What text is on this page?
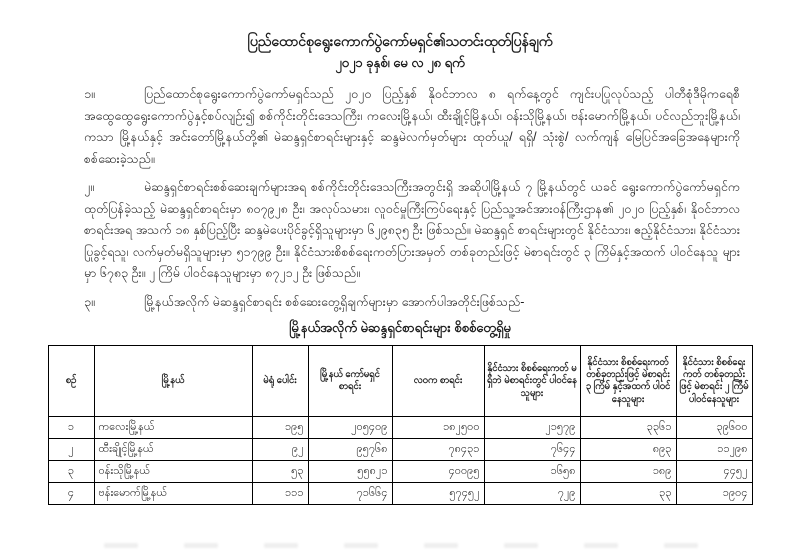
ပြည်ထောင်စုရွေးကောက်ပွဲကော်မရှင်၏သတင်းထုတ်ပြန်ချက်
၂၀၂၁ ခုနှစ်၊ မေ လ ၂၈ ရက်

၁။	ပြည်ထောင်စုရွေးကောက်ပွဲကော်မရှင်သည် ၂၀၂၀ ပြည့်နှစ် နိုဝင်ဘာလ ၈ ရက်နေ့တွင် ကျင်းပပြုလုပ်သည့် ပါတီစုံဒီမိုကရေစီအထွေထွေရွေးကောက်ပွဲနှင့်စပ်လျဉ်း၍ စစ်ကိုင်းတိုင်းဒေသကြီး၊ ကလေးမြို့နယ်၊ ထီးချိုင့်မြို့နယ်၊ ဝန်းသိုမြို့နယ်၊ ဗန်းမောက်မြို့နယ်၊ ပင်လည်ဘူးမြို့နယ်၊ ကသာ မြို့နယ်နှင့် အင်းတော်မြို့နယ်တို့၏ မဲဆန္ဒရှင်စာရင်းများနှင့် ဆန္ဒမဲလက်မှတ်များ ထုတ်ယူ/ ရရှိ/ သုံးစွဲ/ လက်ကျန် မြေပြင်အခြေအနေများကို စစ်ဆေးခဲ့သည်။

၂။	မဲဆန္ဒရှင်စာရင်းစစ်ဆေးချက်များအရ စစ်ကိုင်းတိုင်းဒေသကြီးအတွင်းရှိ အဆိုပါမြို့နယ် ၇ မြို့နယ်တွင် ယခင် ရွေးကောက်ပွဲကော်မရှင်က ထုတ်ပြန်ခဲ့သည့် မဲဆန္ဒရှင်စာရင်းမှာ ၈၀၇၉၂၈ ဦး၊ အလုပ်သမား၊ လူဝင်မှုကြီးကြပ်ရေးနှင့် ပြည်သူ့အင်အားဝန်ကြီးဌာန၏ ၂၀၂၀ ပြည့်နှစ်၊ နိုဝင်ဘာလ စာရင်းအရ အသက် ၁၈ နှစ်ပြည့်ပြီး ဆန္ဒမဲပေးပိုင်ခွင့်ရှိသူများမှာ ၆၂၉၈၃၅ ဦး ဖြစ်သည်။ မဲဆန္ဒရှင် စာရင်းများတွင် နိုင်ငံသား၊ ဧည့်နိုင်ငံသား၊ နိုင်ငံသားပြုခွင့်ရသူ၊ လက်မှတ်မရှိသူများမှာ ၅၁၇၉၉ ဦး။ နိုင်ငံသားစိစစ်ရေးကတ်ပြားအမှတ် တစ်ခုတည်းဖြင့် မဲစာရင်းတွင် ၃ ကြိမ်နှင့်အထက် ပါဝင်နေသူ များမှာ ၆၇၈၃ ဦး။ ၂ ကြိမ် ပါဝင်နေသူများမှာ ၈၇၂၁၂ ဦး ဖြစ်သည်။

၃။	မြို့နယ်အလိုက် မဲဆန္ဒရှင်စာရင်း စစ်ဆေးတွေ့ရှိချက်များမှာ အောက်ပါအတိုင်းဖြစ်သည်-

မြို့နယ်အလိုက် မဲဆန္ဒရှင်စာရင်းများ စိစစ်တွေ့ရှိမှု
စဉ်	မြို့နယ်	မဲရုံ ပေါင်း	မြို့နယ် ကော်မရှင် စာရင်း	လဝက စာရင်း	နိုင်ငံသား စိစစ်ရေးကတ် မရှိဘဲ မဲစာရင်းတွင် ပါဝင်နေသူများ	နိုင်ငံသား စိစစ်ရေးကတ် တစ်ခုတည်းဖြင့် မဲစာရင်း ၃ ကြိမ် နှင့်အထက် ပါဝင်နေသူများ	နိုင်ငံသား စိစစ်ရေးကတ် တစ်ခုတည်းဖြင့် မဲစာရင်း ၂ ကြိမ် ပါဝင်နေသူများ
၁	ကလေးမြို့နယ်	၁၉၅	၂၀၅၄၀၉	၁၈၂၅၀၀	၂၁၅၇၉	၃၃၆၁	၃၉၆၀၀
၂	ထီးချိုင့်မြို့နယ်	၉၂	၉၅၇၆၈	၇၈၄၃၁	၇၆၄၄	၈၉၃	၁၁၂၉၈
၃	ဝန်းသိုမြို့နယ်	၅၃	၅၅၈၂၁	၄၀၀၉၅	၁၆၅၈	၁၈၉	၄၄၅၂
၄	ဗန်းမောက်မြို့နယ်	၁၁၁	၇၁၆၆၄	၅၇၄၅၂	၇၂၉	၃၃	၁၉၀၄
